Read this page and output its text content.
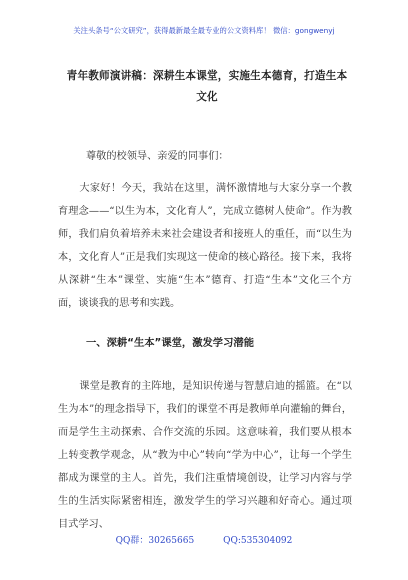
关注头条号“公文研究”，获得最新最全最专业的公文资料库！ 微信：gongwenyj
青年教师演讲稿：深耕生本课堂，实施生本德育，打造生本文化
尊敬的校领导、亲爱的同事们：

大家好！今天，我站在这里，满怀激情地与大家分享一个教育理念——“以生为本，文化育人”，完成立德树人使命”。作为教师，我们肩负着培养未来社会建设者和接班人的重任，而“以生为本，文化育人”正是我们实现这一使命的核心路径。接下来，我将从深耕“生本”课堂、实施“生本”德育、打造“生本”文化三个方面，谈谈我的思考和实践。

一、深耕“生本”课堂，激发学习潜能

课堂是教育的主阵地，是知识传递与智慧启迪的摇篮。在“以生为本”的理念指导下，我们的课堂不再是教师单向灌输的舞台，而是学生主动探索、合作交流的乐园。这意味着，我们要从根本上转变教学观念，从“教为中心”转向“学为中心”，让每一个学生都成为课堂的主人。首先，我们注重情境创设，让学习内容与学生的生活实际紧密相连，激发学生的学习兴趣和好奇心。通过项目式学习、

QQ群：30265665	QQ:535304092
